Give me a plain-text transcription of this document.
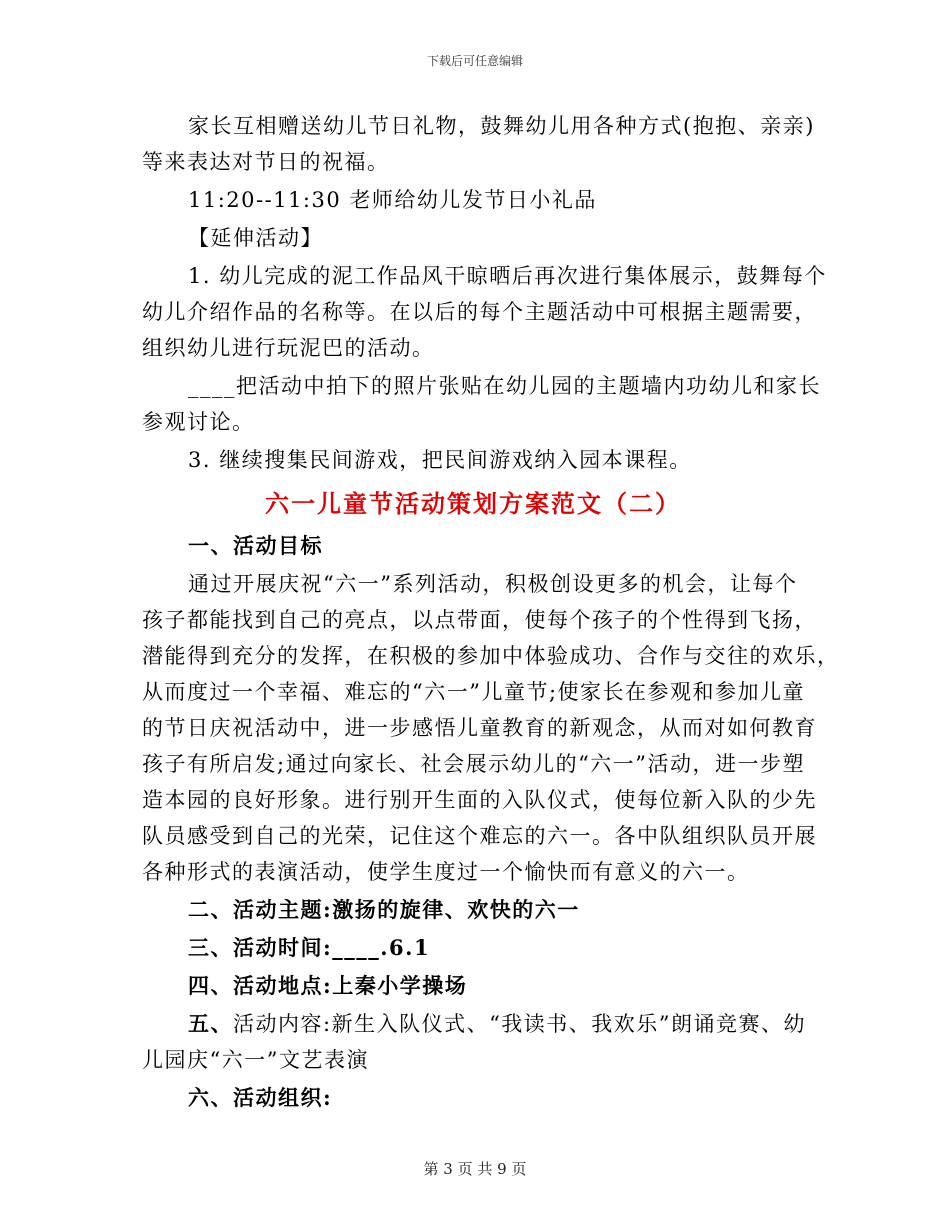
下载后可任意编辑

家长互相赠送幼儿节日礼物，鼓舞幼儿用各种方式(抱抱、亲亲)

等来表达对节日的祝福。

11:20--11:30 老师给幼儿发节日小礼品

【延伸活动】

1. 幼儿完成的泥工作品风干晾晒后再次进行集体展示，鼓舞每个

幼儿介绍作品的名称等。在以后的每个主题活动中可根据主题需要，

组织幼儿进行玩泥巴的活动。

____把活动中拍下的照片张贴在幼儿园的主题墙内功幼儿和家长

参观讨论。

3. 继续搜集民间游戏，把民间游戏纳入园本课程。

六一儿童节活动策划方案范文（二）

一、活动目标

通过开展庆祝“六一”系列活动，积极创设更多的机会，让每个

孩子都能找到自己的亮点，以点带面，使每个孩子的个性得到飞扬，

潜能得到充分的发挥，在积极的参加中体验成功、合作与交往的欢乐，

从而度过一个幸福、难忘的“六一”儿童节;使家长在参观和参加儿童

的节日庆祝活动中，进一步感悟儿童教育的新观念，从而对如何教育

孩子有所启发;通过向家长、社会展示幼儿的“六一”活动，进一步塑

造本园的良好形象。进行别开生面的入队仪式，使每位新入队的少先

队员感受到自己的光荣，记住这个难忘的六一。各中队组织队员开展

各种形式的表演活动，使学生度过一个愉快而有意义的六一。

二、活动主题:激扬的旋律、欢快的六一

三、活动时间:____.6.1

四、活动地点:上秦小学操场

五、活动内容:新生入队仪式、“我读书、我欢乐”朗诵竞赛、幼

儿园庆“六一”文艺表演

六、活动组织:

第 3 页 共 9 页
